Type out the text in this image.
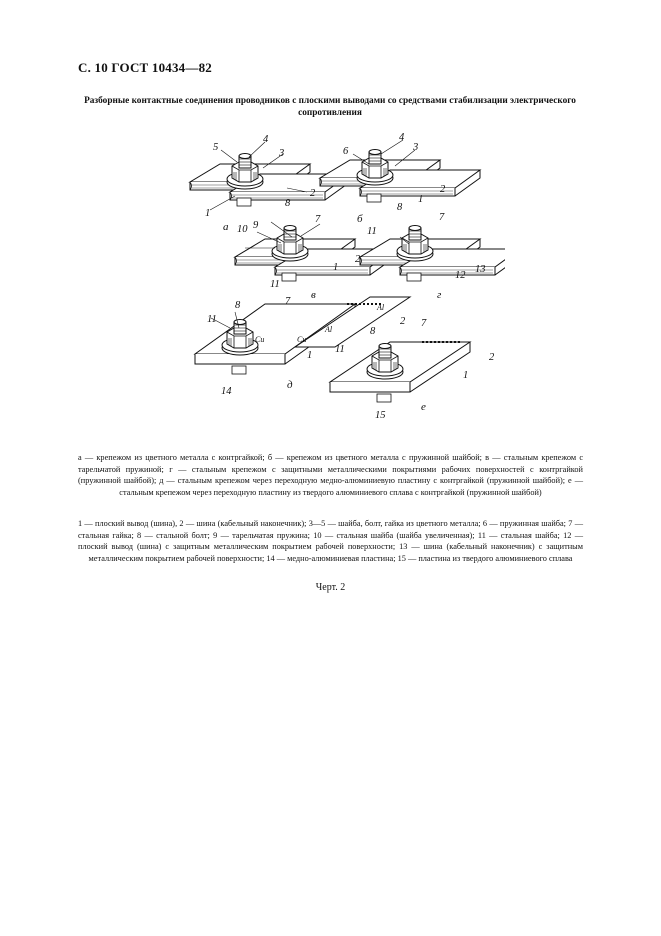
С. 10 ГОСТ 10434—82
Разборные контактные соединения проводников с плоскими выводами со средствами стабилизации электрического сопротивления
5
4
3
2
1
а
6
4
3
2
1
8
б
8
7
9
10
2
1
11
в
11
7
12
13
г
8	7
11	2
1
14
д
Cu	Cu
Al
Al
8
7
11
2
1
15
е

а — крепежом из цветного металла с контргайкой; б — крепежом из цветного металла с пружинной шайбой; в — стальным крепежом с тарельчатой пружиной; г — стальным крепежом с защитными металлическими покрытиями рабочих поверхностей с контргайкой (пружинной шайбой); д — стальным крепежом через переходную медно-алюминиевую пластину с контргайкой (пружинной шайбой); е — стальным крепежом через переходную пластину из твердого алюминиевого сплава с контргайкой (пружинной шайбой)

1 — плоский вывод (шина), 2 — шина (кабельный наконечник); 3—5 — шайба, болт, гайка из цветного металла; 6 — пружинная шайба; 7 — стальная гайка; 8 — стальной болт; 9 — тарельчатая пружина; 10 — стальная шайба (шайба увеличенная); 11 — стальная шайба; 12 — плоский вывод (шина) с защитным металлическим покрытием рабочей поверхности; 13 — шина (кабельный наконечник) с защитным металлическим покрытием рабочей поверхности; 14 — медно-алюминиевая пластина; 15 — пластина из твердого алюминиевого сплава

Черт. 2
